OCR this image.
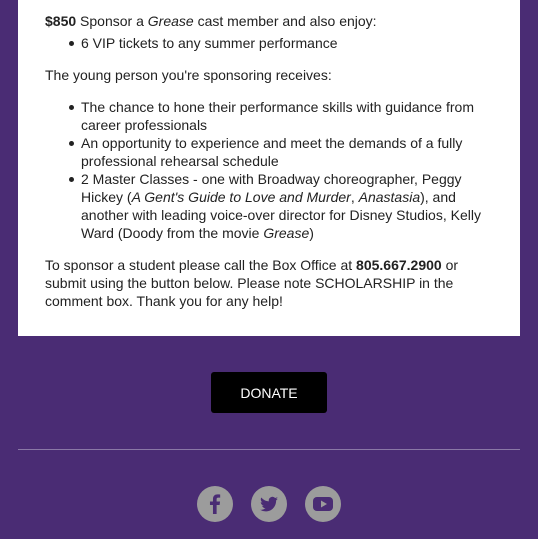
$850 Sponsor a Grease cast member and also enjoy:

6 VIP tickets to any summer performance

The young person you're sponsoring receives:

The chance to hone their performance skills with guidance from career professionals
An opportunity to experience and meet the demands of a fully professional rehearsal schedule
2 Master Classes - one with Broadway choreographer, Peggy Hickey (A Gent's Guide to Love and Murder, Anastasia), and another with leading voice-over director for Disney Studios, Kelly Ward (Doody from the movie Grease)

To sponsor a student please call the Box Office at 805.667.2900 or submit using the button below. Please note SCHOLARSHIP in the comment box. Thank you for any help!

DONATE
